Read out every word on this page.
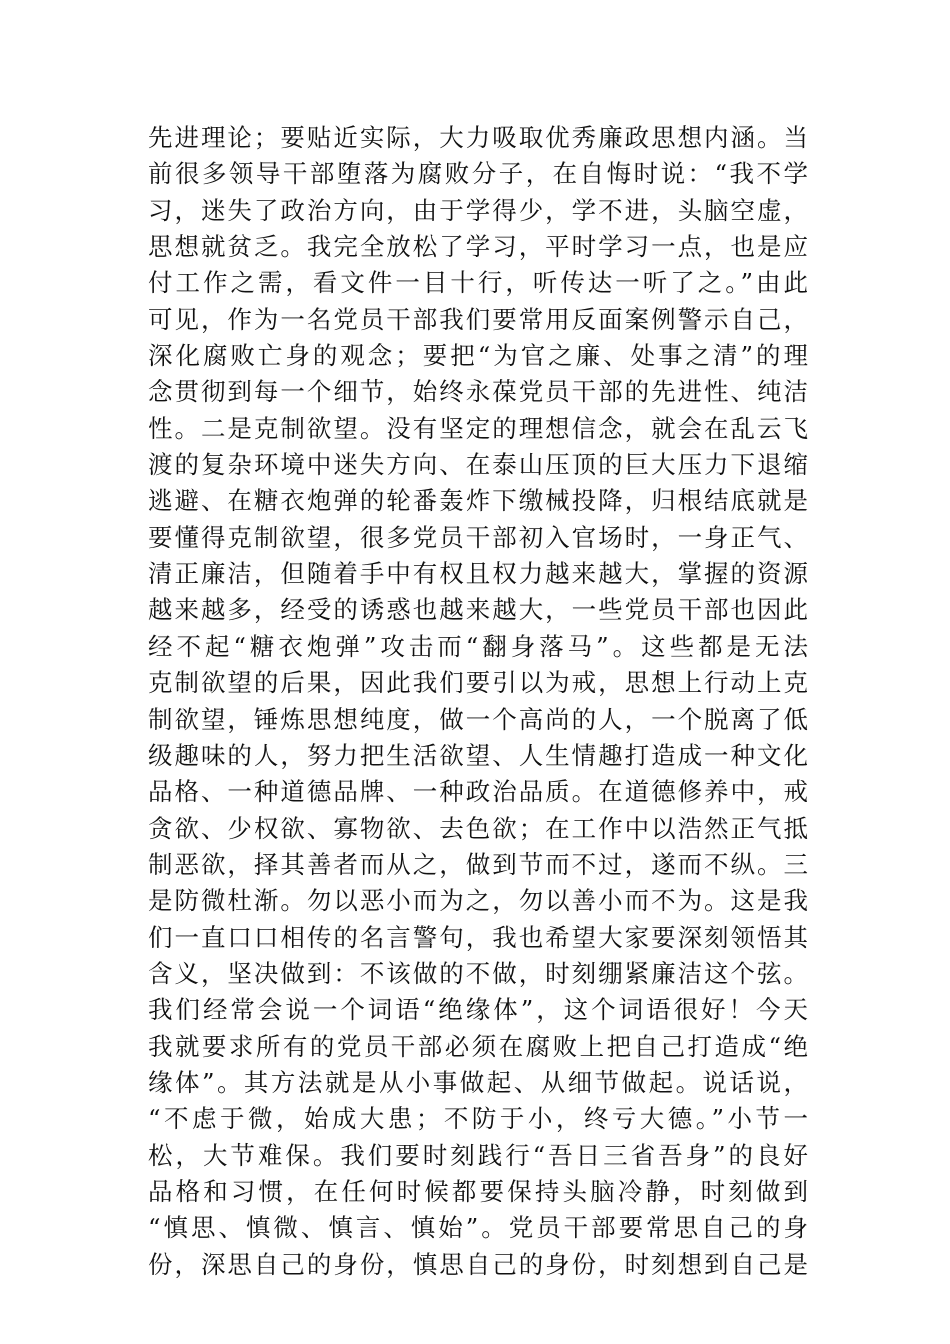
先进理论；要贴近实际，大力吸取优秀廉政思想内涵。当
前很多领导干部堕落为腐败分子，在自悔时说：“我不学
习，迷失了政治方向，由于学得少，学不进，头脑空虚，
思想就贫乏。我完全放松了学习，平时学习一点，也是应
付工作之需，看文件一目十行，听传达一听了之。”由此
可见，作为一名党员干部我们要常用反面案例警示自己，
深化腐败亡身的观念；要把“为官之廉、处事之清”的理
念贯彻到每一个细节，始终永葆党员干部的先进性、纯洁
性。二是克制欲望。没有坚定的理想信念，就会在乱云飞
渡的复杂环境中迷失方向、在泰山压顶的巨大压力下退缩
逃避、在糖衣炮弹的轮番轰炸下缴械投降，归根结底就是
要懂得克制欲望，很多党员干部初入官场时，一身正气、
清正廉洁，但随着手中有权且权力越来越大，掌握的资源
越来越多，经受的诱惑也越来越大，一些党员干部也因此
经不起“糖衣炮弹”攻击而“翻身落马”。这些都是无法
克制欲望的后果，因此我们要引以为戒，思想上行动上克
制欲望，锤炼思想纯度，做一个高尚的人，一个脱离了低
级趣味的人，努力把生活欲望、人生情趣打造成一种文化
品格、一种道德品牌、一种政治品质。在道德修养中，戒
贪欲、少权欲、寡物欲、去色欲；在工作中以浩然正气抵
制恶欲，择其善者而从之，做到节而不过，遂而不纵。三
是防微杜渐。勿以恶小而为之，勿以善小而不为。这是我
们一直口口相传的名言警句，我也希望大家要深刻领悟其
含义，坚决做到：不该做的不做，时刻绷紧廉洁这个弦。
我们经常会说一个词语“绝缘体”，这个词语很好！今天
我就要求所有的党员干部必须在腐败上把自己打造成“绝
缘体”。其方法就是从小事做起、从细节做起。说话说，
“不虑于微，始成大患；不防于小，终亏大德。”小节一
松，大节难保。我们要时刻践行“吾日三省吾身”的良好
品格和习惯，在任何时候都要保持头脑冷静，时刻做到
“慎思、慎微、慎言、慎始”。党员干部要常思自己的身
份，深思自己的身份，慎思自己的身份，时刻想到自己是
